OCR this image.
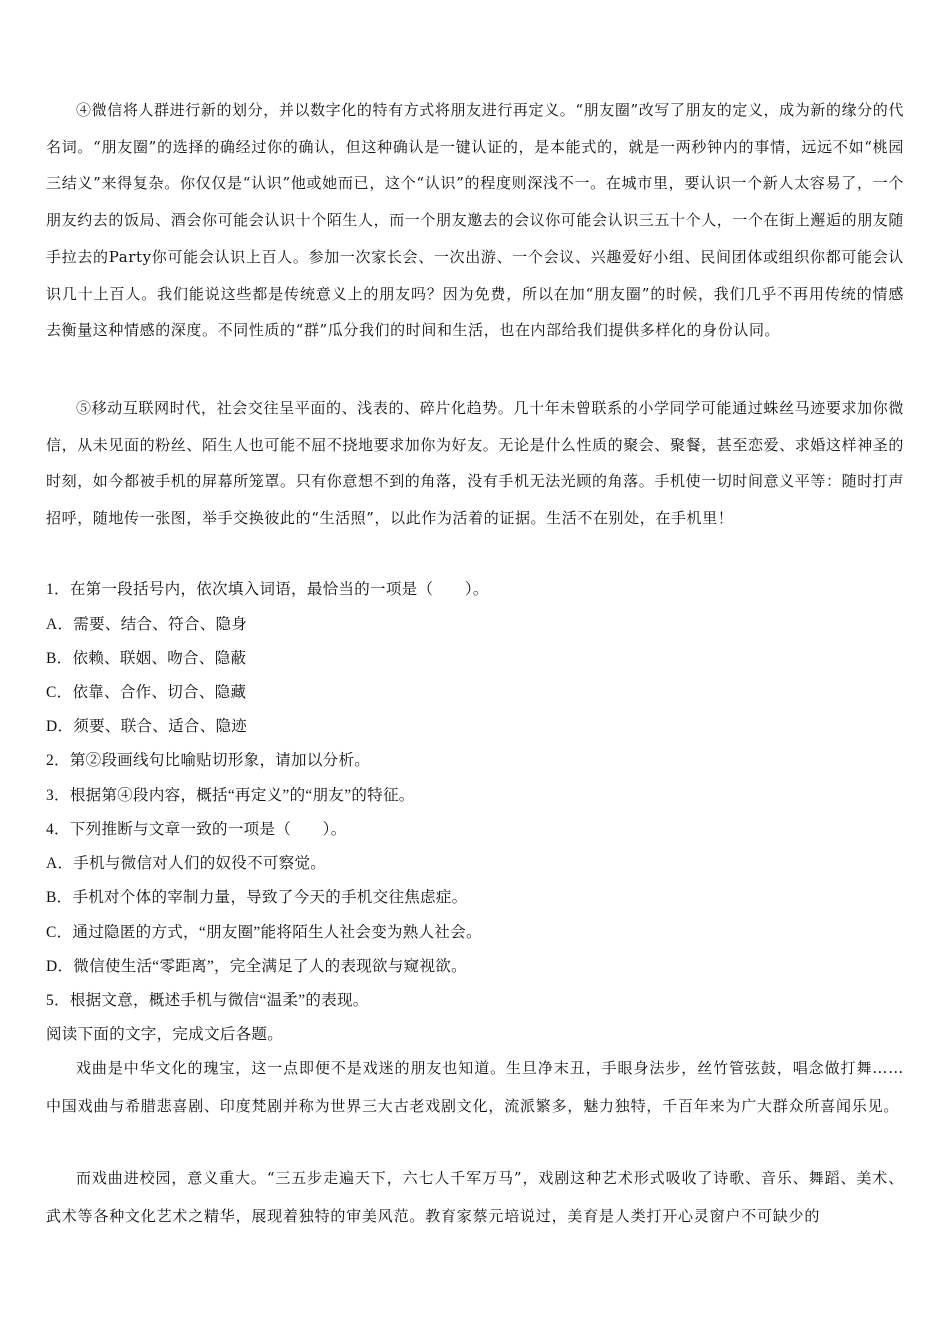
④微信将人群进行新的划分，并以数字化的特有方式将朋友进行再定义。“朋友圈”改写了朋友的定义，成为新的缘分的代名词。“朋友圈”的选择的确经过你的确认，但这种确认是一键认证的，是本能式的，就是一两秒钟内的事情，远远不如“桃园三结义”来得复杂。你仅仅是“认识”他或她而已，这个“认识”的程度则深浅不一。在城市里，要认识一个新人太容易了，一个朋友约去的饭局、酒会你可能会认识十个陌生人，而一个朋友邀去的会议你可能会认识三五十个人，一个在街上邂逅的朋友随手拉去的Party你可能会认识上百人。参加一次家长会、一次出游、一个会议、兴趣爱好小组、民间团体或组织你都可能会认识几十上百人。我们能说这些都是传统意义上的朋友吗？因为免费，所以在加“朋友圈”的时候，我们几乎不再用传统的情感去衡量这种情感的深度。不同性质的“群”瓜分我们的时间和生活，也在内部给我们提供多样化的身份认同。
⑤移动互联网时代，社会交往呈平面的、浅表的、碎片化趋势。几十年未曾联系的小学同学可能通过蛛丝马迹要求加你微信，从未见面的粉丝、陌生人也可能不屈不挠地要求加你为好友。无论是什么性质的聚会、聚餐，甚至恋爱、求婚这样神圣的时刻，如今都被手机的屏幕所笼罩。只有你意想不到的角落，没有手机无法光顾的角落。手机使一切时间意义平等：随时打声招呼，随地传一张图，举手交换彼此的“生活照”，以此作为活着的证据。生活不在别处，在手机里！
1．在第一段括号内，依次填入词语，最恰当的一项是（　　）。
A．需要、结合、符合、隐身
B．依赖、联姻、吻合、隐蔽
C．依靠、合作、切合、隐藏
D．须要、联合、适合、隐迹
2．第②段画线句比喻贴切形象，请加以分析。
3．根据第④段内容，概括“再定义”的“朋友”的特征。
4．下列推断与文章一致的一项是（　　）。
A．手机与微信对人们的奴役不可察觉。
B．手机对个体的宰制力量，导致了今天的手机交往焦虑症。
C．通过隐匿的方式，“朋友圈”能将陌生人社会变为熟人社会。
D．微信使生活“零距离”，完全满足了人的表现欲与窥视欲。
5．根据文意，概述手机与微信“温柔”的表现。
阅读下面的文字，完成文后各题。
戏曲是中华文化的瑰宝，这一点即便不是戏迷的朋友也知道。生旦净末丑，手眼身法步，丝竹管弦鼓，唱念做打舞……中国戏曲与希腊悲喜剧、印度梵剧并称为世界三大古老戏剧文化，流派繁多，魅力独特，千百年来为广大群众所喜闻乐见。
而戏曲进校园，意义重大。“三五步走遍天下，六七人千军万马”，戏剧这种艺术形式吸收了诗歌、音乐、舞蹈、美术、武术等各种文化艺术之精华，展现着独特的审美风范。教育家蔡元培说过，美育是人类打开心灵窗户不可缺少的
